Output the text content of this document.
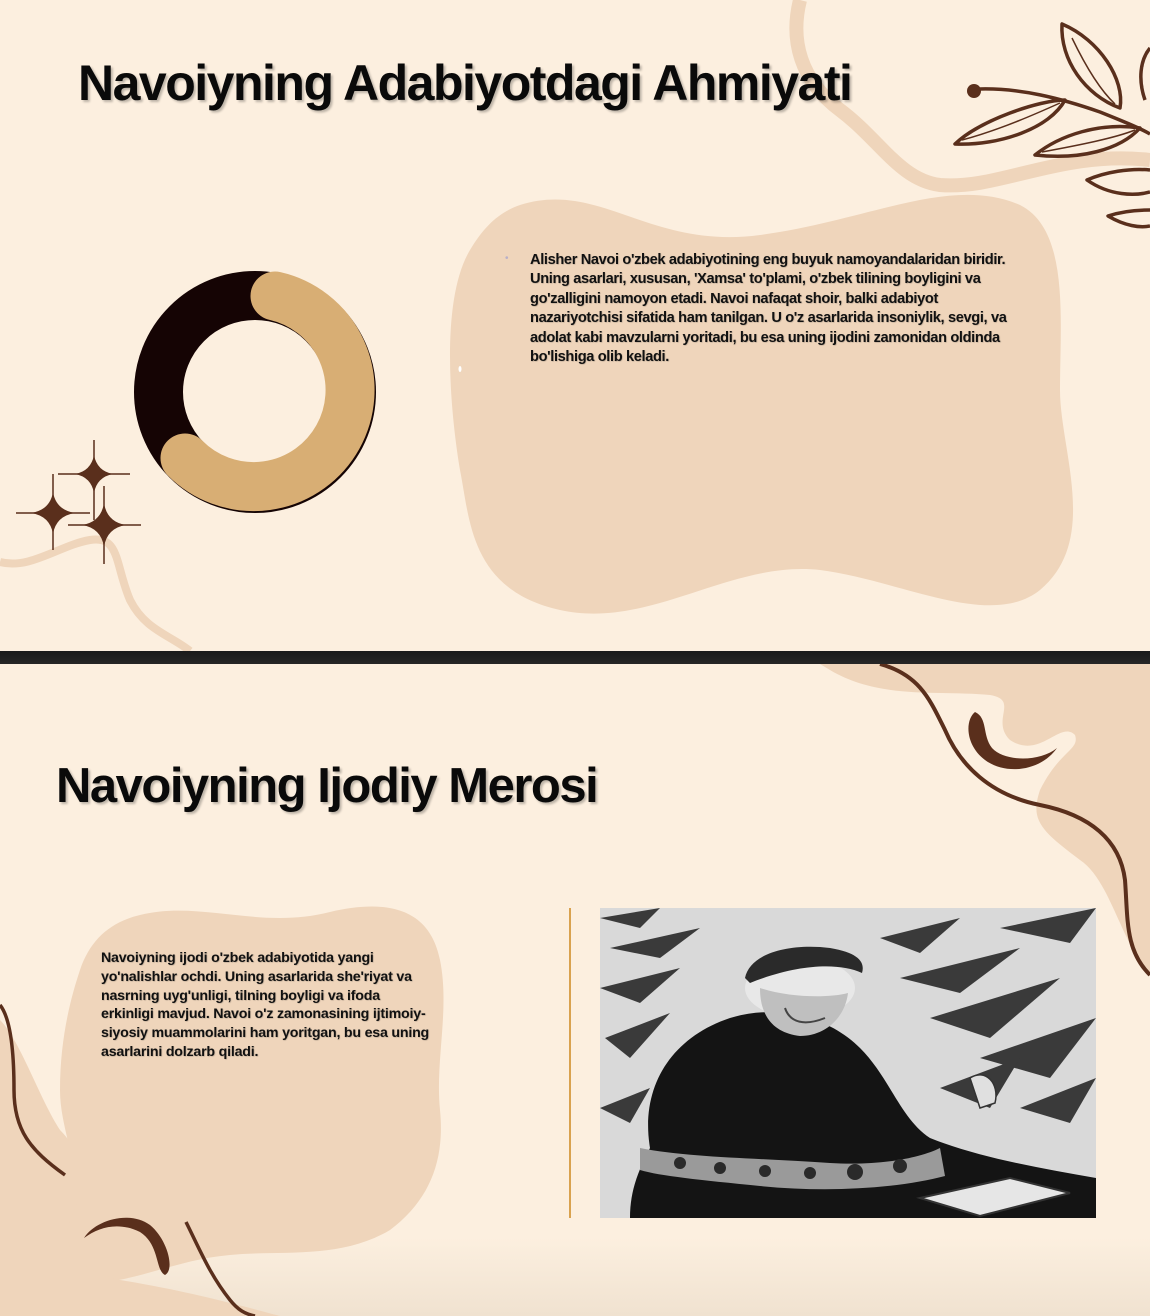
Navoiyning Adabiyotdagi Ahmiyati
• Alisher Navoi o'zbek adabiyotining eng buyuk namoyandalaridan biridir. Uning asarlari, xususan, 'Xamsa' to'plami, o'zbek tilining boyligini va go'zalligini namoyon etadi. Navoi nafaqat shoir, balki adabiyot nazariyotchisi sifatida ham tanilgan. U o'z asarlarida insoniylik, sevgi, va adolat kabi mavzularni yoritadi, bu esa uning ijodini zamonidan oldinda bo'lishiga olib keladi.

Navoiyning Ijodiy Merosi

Navoiyning ijodi o'zbek adabiyotida yangi yo'nalishlar ochdi. Uning asarlarida she'riyat va nasrning uyg'unligi, tilning boyligi va ifoda erkinligi mavjud. Navoi o'z zamonasining ijtimoiy-siyosiy muammolarini ham yoritgan, bu esa uning asarlarini dolzarb qiladi.
